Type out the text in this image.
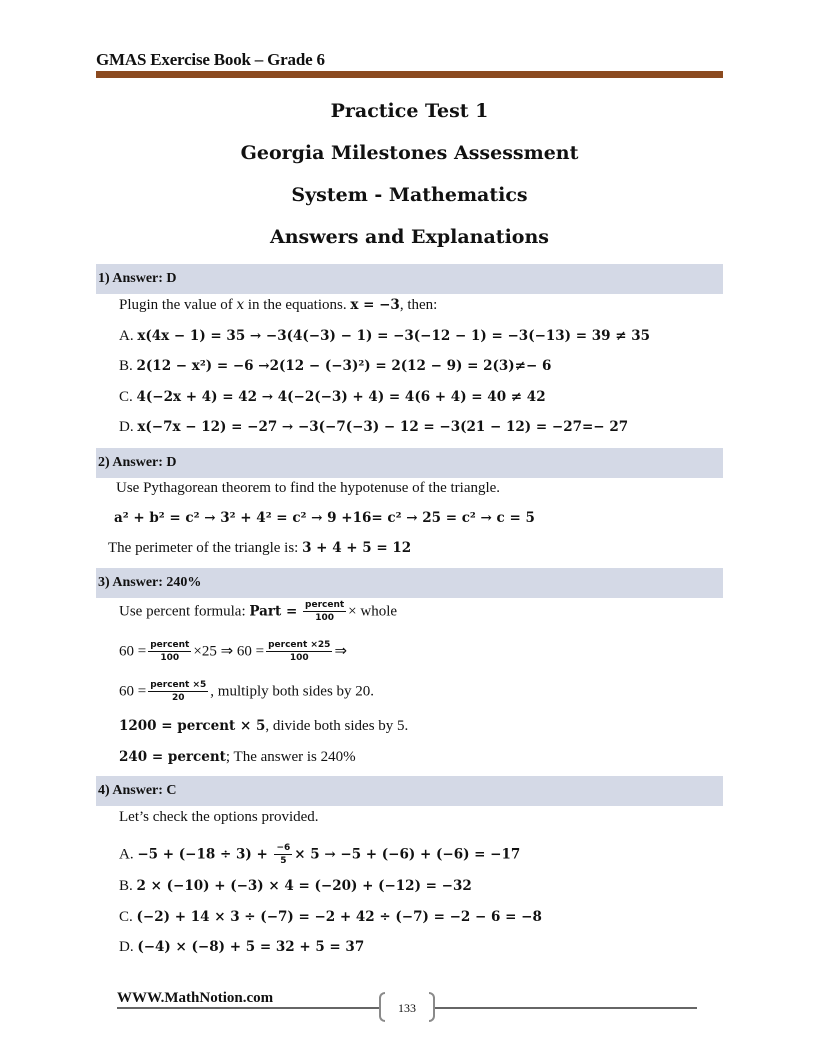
GMAS Exercise Book – Grade 6
Practice Test 1
Georgia Milestones Assessment
System - Mathematics
Answers and Explanations
1) Answer: D
Plugin the value of x in the equations. x = −3, then:
A. x(4x − 1) = 35 → −3(4(−3) − 1) = −3(−12 − 1) = −3(−13) = 39 ≠ 35
B. 2(12 − x²) = −6 →2(12 − (−3)²) = 2(12 − 9) = 2(3)≠− 6
C. 4(−2x + 4) = 42 → 4(−2(−3) + 4) = 4(6 + 4) = 40 ≠ 42
D. x(−7x − 12) = −27 → −3(−7(−3) − 12 = −3(21 − 12) = −27=− 27
2) Answer: D
Use Pythagorean theorem to find the hypotenuse of the triangle.
a² + b² = c² → 3² + 4² = c² → 9 +16= c² → 25 = c² → c = 5
The perimeter of the triangle is: 3 + 4 + 5 = 12
3) Answer: 240%
Use percent formula: Part = $\frac{\text{percent}}{100}$ × whole
$60 = \frac{\text{percent}}{100} \times 25$ ⇒ $60 = \frac{\text{percent ×25}}{100}$ ⇒
$60 = \frac{\text{percent ×5}}{20}$ , multiply both sides by 20.
1200 = percent × 5, divide both sides by 5.
240 = percent; The answer is 240%
4) Answer: C
Let’s check the options provided.
A. $-5 + (-18 \div 3) + \frac{-6}{5} \times 5 \to -5 + (-6) + (-6) = -17$
B. 2 × (−10) + (−3) × 4 = (−20) + (−12) = −32
C. (−2) + 14 × 3 ÷ (−7) = −2 + 42 ÷ (−7) = −2 − 6 = −8
D. (−4) × (−8) + 5 = 32 + 5 = 37
WWW.MathNotion.com
133
